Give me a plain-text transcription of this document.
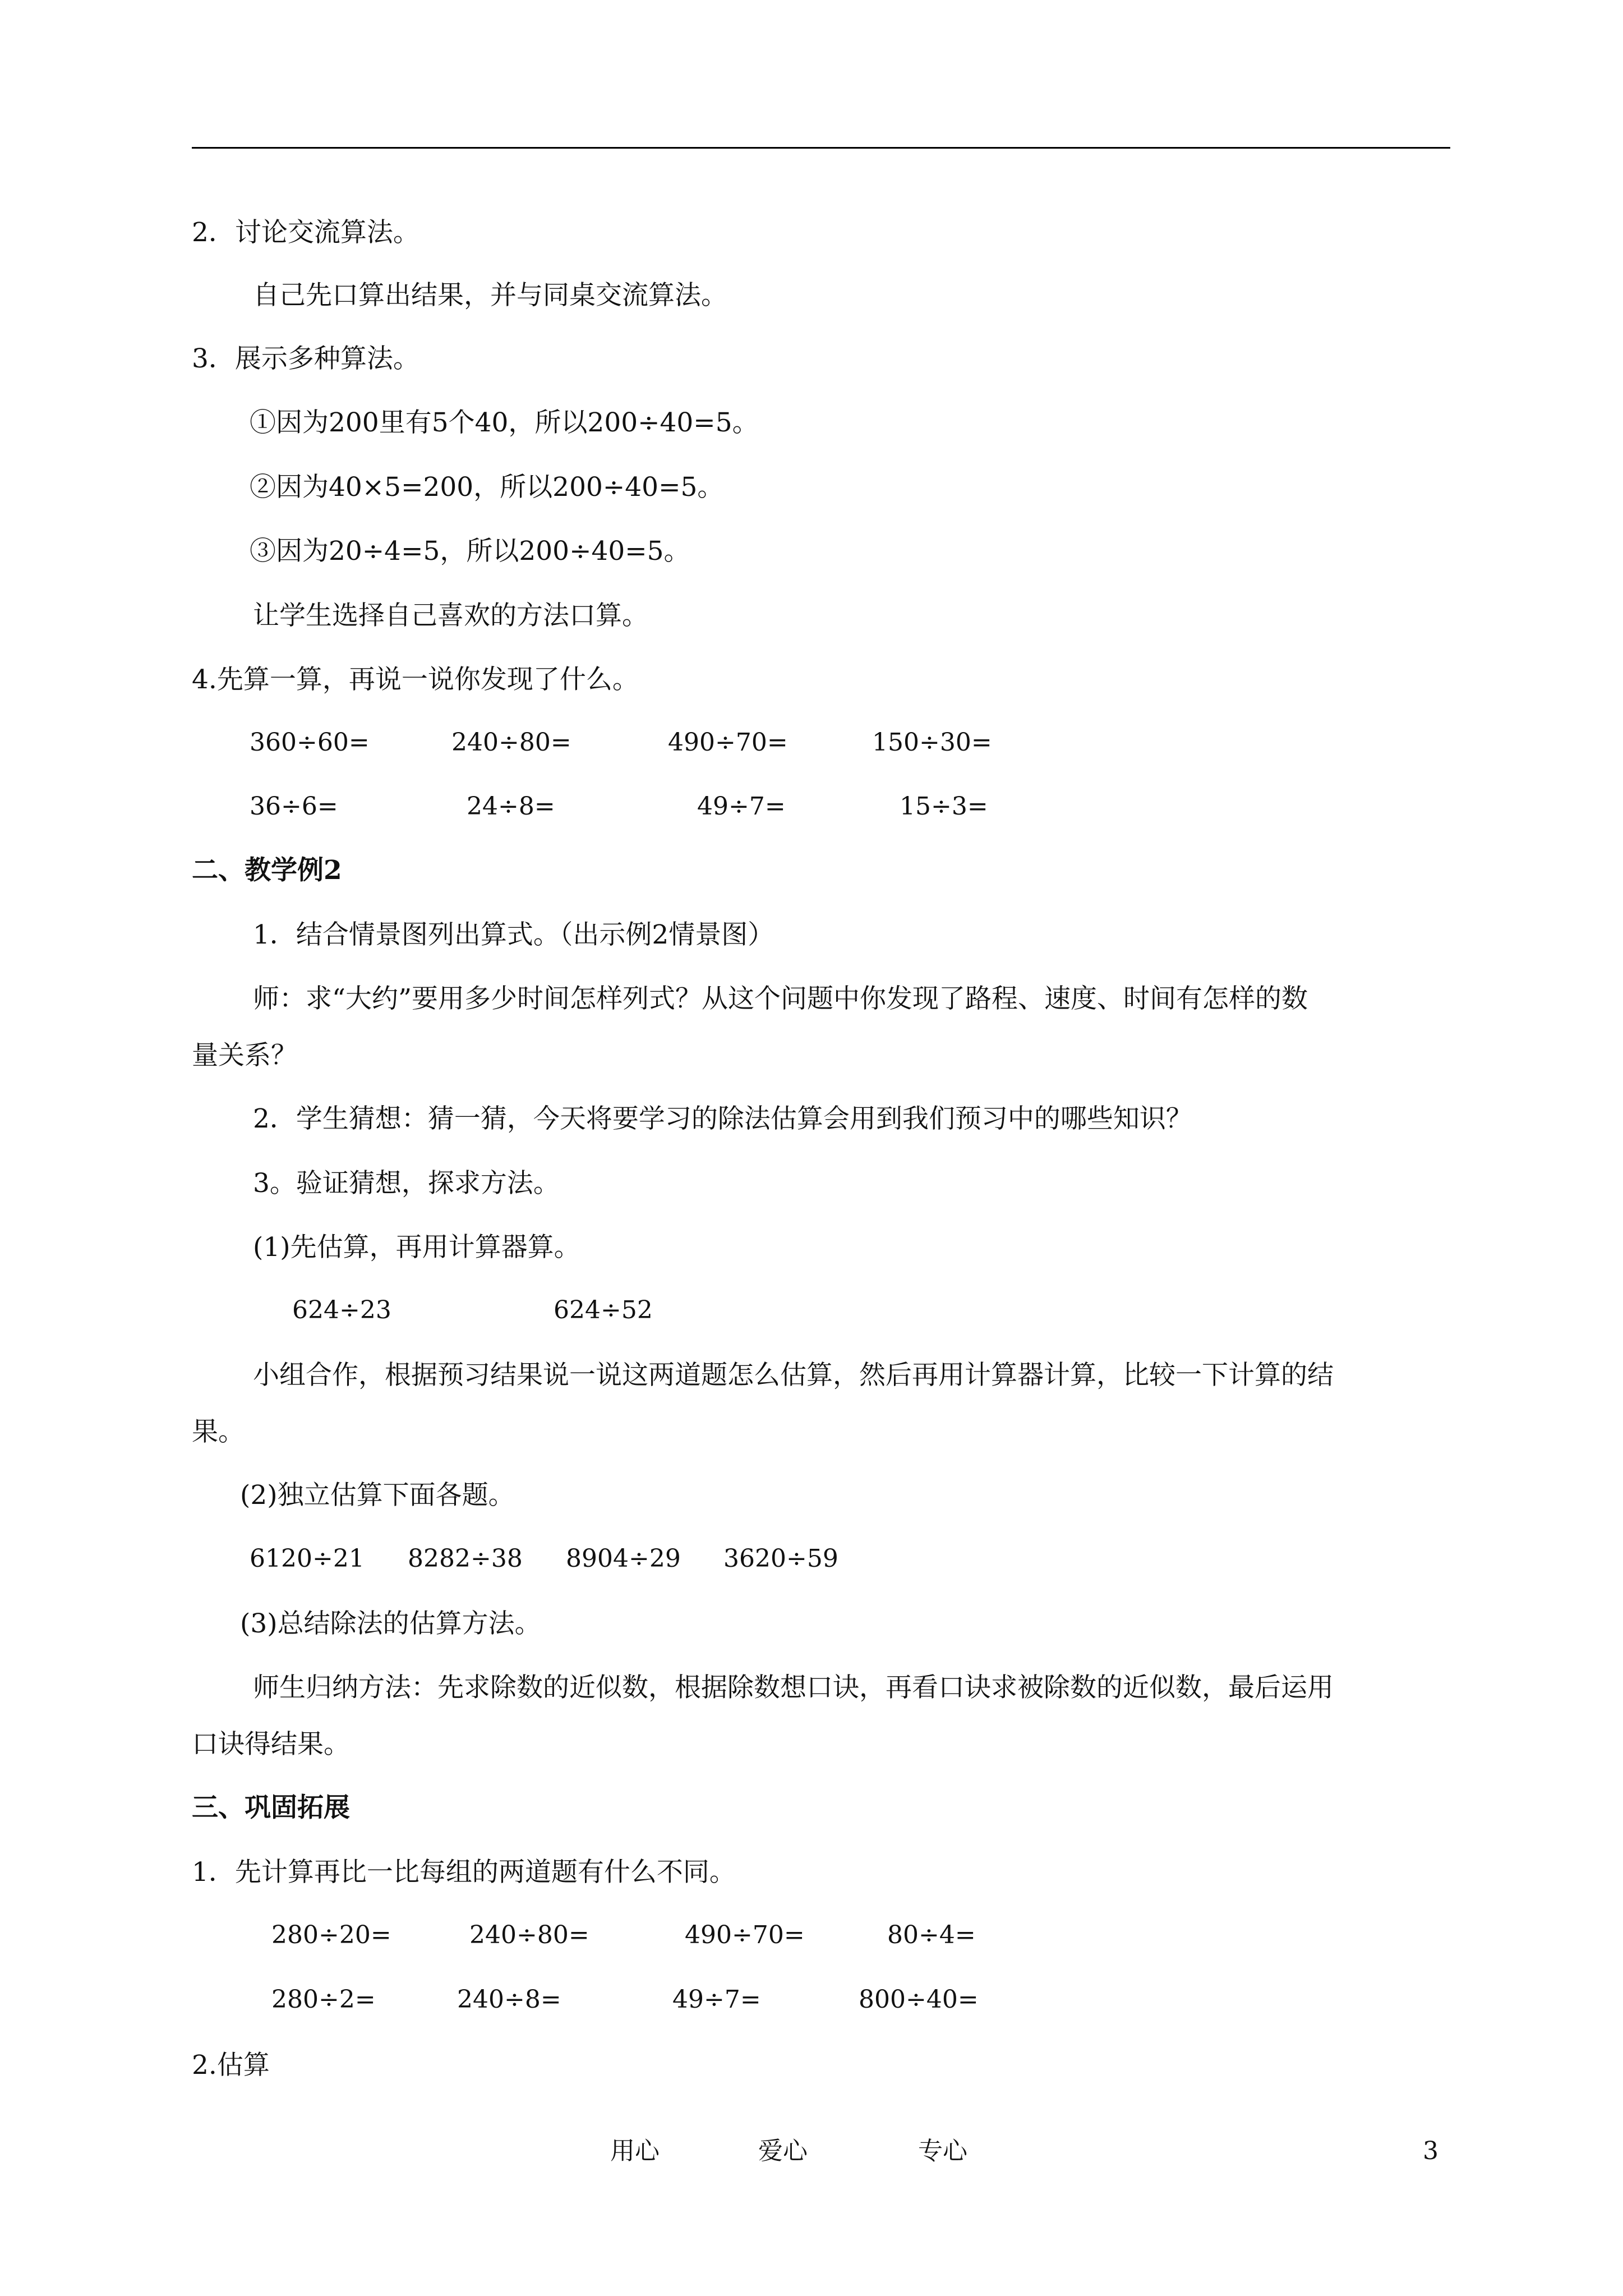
2．讨论交流算法。
自己先口算出结果，并与同桌交流算法。
3．展示多种算法。
①因为200里有5个40，所以200÷40=5。
②因为40×5=200，所以200÷40=5。
③因为20÷4=5，所以200÷40=5。
让学生选择自己喜欢的方法口算。
4.先算一算，再说一说你发现了什么。
360÷60=	240÷80=	490÷70=	150÷30=
36÷6=	24÷8=	49÷7=	15÷3=
二、教学例2
1．结合情景图列出算式。（出示例2情景图）
师：求“大约”要用多少时间怎样列式？从这个问题中你发现了路程、速度、时间有怎样的数
量关系？
2．学生猜想：猜一猜，今天将要学习的除法估算会用到我们预习中的哪些知识？
3。验证猜想，探求方法。
(1)先估算，再用计算器算。
624÷23	624÷52
小组合作，根据预习结果说一说这两道题怎么估算，然后再用计算器计算，比较一下计算的结
果。
(2)独立估算下面各题。
6120÷21 8282÷38 8904÷29 3620÷59
(3)总结除法的估算方法。
师生归纳方法：先求除数的近似数，根据除数想口诀，再看口诀求被除数的近似数，最后运用
口诀得结果。
三、巩固拓展
1．先计算再比一比每组的两道题有什么不同。
280÷20=	240÷80=	490÷70=	80÷4=
280÷2=	240÷8=	49÷7=	800÷40=
2.估算
用心	爱心	专心	3
